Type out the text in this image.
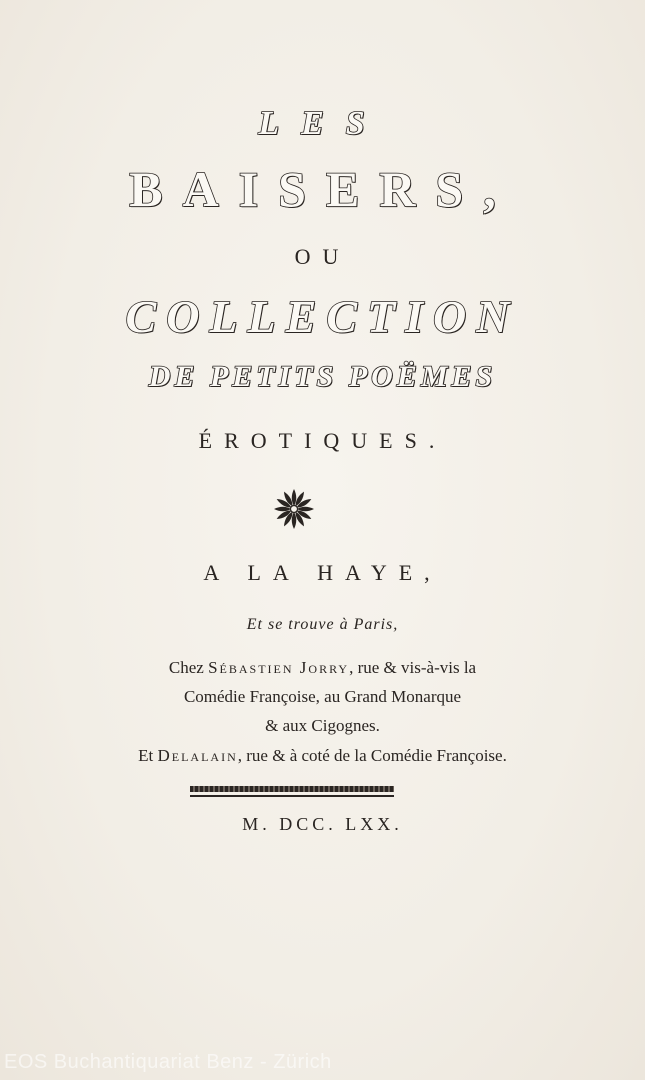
LES
BAISERS,
OU
COLLECTION
DE PETITS POËMES
ÉROTIQUES.
A LA HAYE,
Et se trouve à Paris,
Chez Sébastien Jorry, rue & vis-à-vis la
Comédie Françoise, au Grand Monarque
& aux Cigognes.
Et Delalain, rue & à coté de la Comédie Françoise.
M. DCC. LXX.
EOS Buchantiquariat Benz - Zürich
